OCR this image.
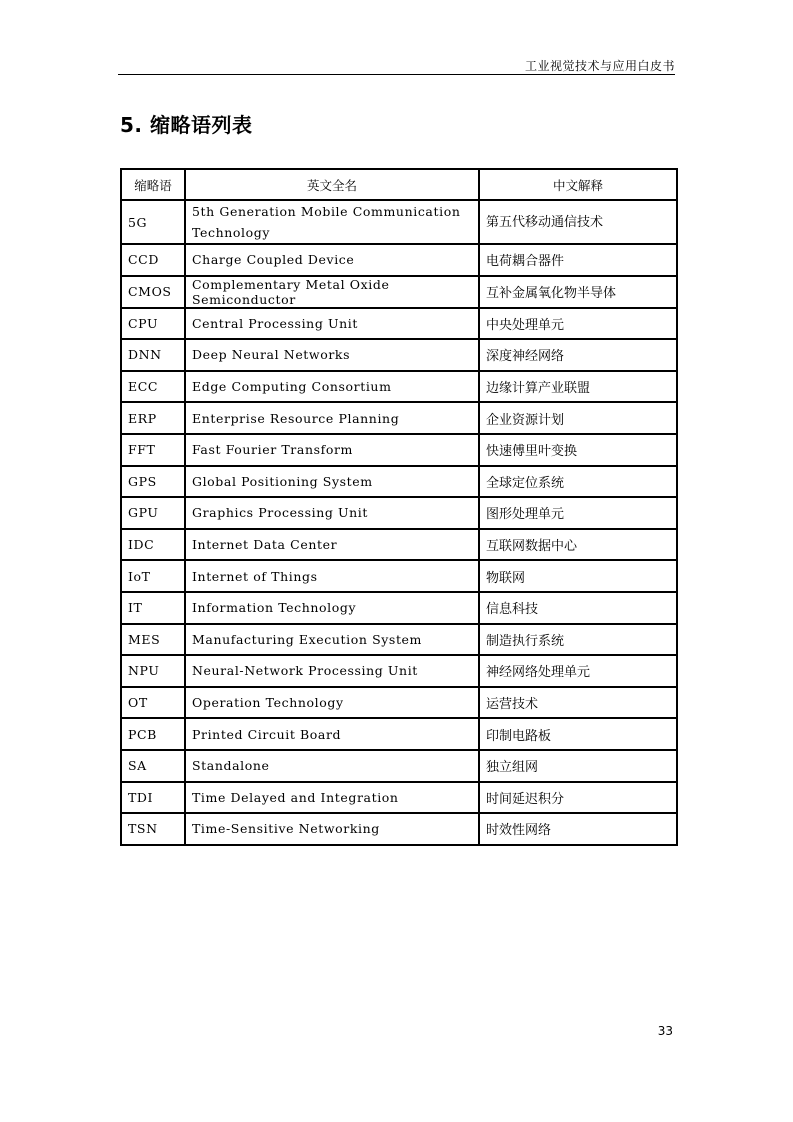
工业视觉技术与应用白皮书
5. 缩略语列表
缩略语	英文全名	中文解释
5G	5th Generation Mobile Communication Technology	第五代移动通信技术
CCD	Charge Coupled Device	电荷耦合器件
CMOS	Complementary Metal Oxide Semiconductor	互补金属氧化物半导体
CPU	Central Processing Unit	中央处理单元
DNN	Deep Neural Networks	深度神经网络
ECC	Edge Computing Consortium	边缘计算产业联盟
ERP	Enterprise Resource Planning	企业资源计划
FFT	Fast Fourier Transform	快速傅里叶变换
GPS	Global Positioning System	全球定位系统
GPU	Graphics Processing Unit	图形处理单元
IDC	Internet Data Center	互联网数据中心
IoT	Internet of Things	物联网
IT	Information Technology	信息科技
MES	Manufacturing Execution System	制造执行系统
NPU	Neural-Network Processing Unit	神经网络处理单元
OT	Operation Technology	运营技术
PCB	Printed Circuit Board	印制电路板
SA	Standalone	独立组网
TDI	Time Delayed and Integration	时间延迟积分
TSN	Time-Sensitive Networking	时效性网络
33
